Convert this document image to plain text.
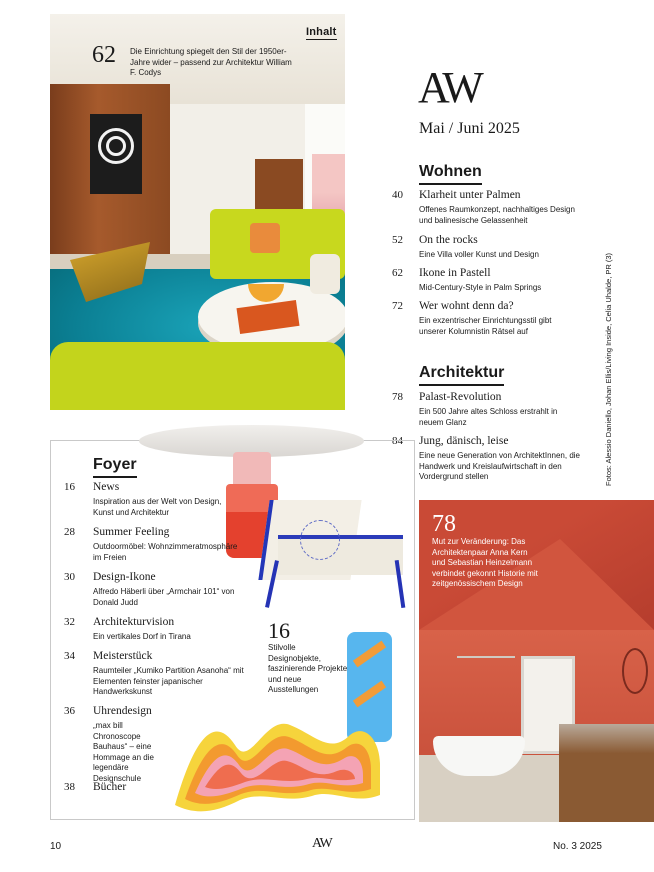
Inhalt
62 Die Einrichtung spiegelt den Stil der 1950er-Jahre wider – passend zur Architektur William F. Codys	AW
Mai / Juni 2025
Wohnen
40 Klarheit unter Palmen
Offenes Raumkonzept, nachhaltiges Design und balinesische Gelassenheit
52 On the rocks
Eine Villa voller Kunst und Design
62 Ikone in Pastell
Mid-Century-Style in Palm Springs
72 Wer wohnt denn da?
Ein exzentrischer Einrichtungsstil gibt unserer Kolumnistin Rätsel auf
Architektur
78 Palast-Revolution
Ein 500 Jahre altes Schloss erstrahlt in neuem Glanz
84 Jung, dänisch, leise
Eine neue Generation von ArchitektInnen, die Handwerk und Kreislaufwirtschaft in den Vordergrund stellen	Fotos: Alessio Daniello, Johan Ellis/Living Inside, Celia Uhalde, PR (3)
Foyer
16 News
Inspiration aus der Welt von Design, Kunst und Architektur
28 Summer Feeling
Outdoormöbel: Wohnzimmeratmosphäre im Freien
30 Design-Ikone
Alfredo Häberli über „Armchair 101“ von Donald Judd
32 Architekturvision
Ein vertikales Dorf in Tirana
34 Meisterstück
Raumteiler „Kumiko Partition Asanoha“ mit Elementen feinster japanischer Handwerkskunst
36 Uhrendesign
„max bill Chronoscope Bauhaus“ – eine Hommage an die legendäre Designschule
38 Bücher
16
Stilvolle Designobjekte, faszinierende Projekte und neue Ausstellungen
78
Mut zur Veränderung: Das Architektenpaar Anna Kern und Sebastian Heinzelmann verbindet gekonnt Historie mit zeitgenössischem Design
10	AW	No. 3 2025
